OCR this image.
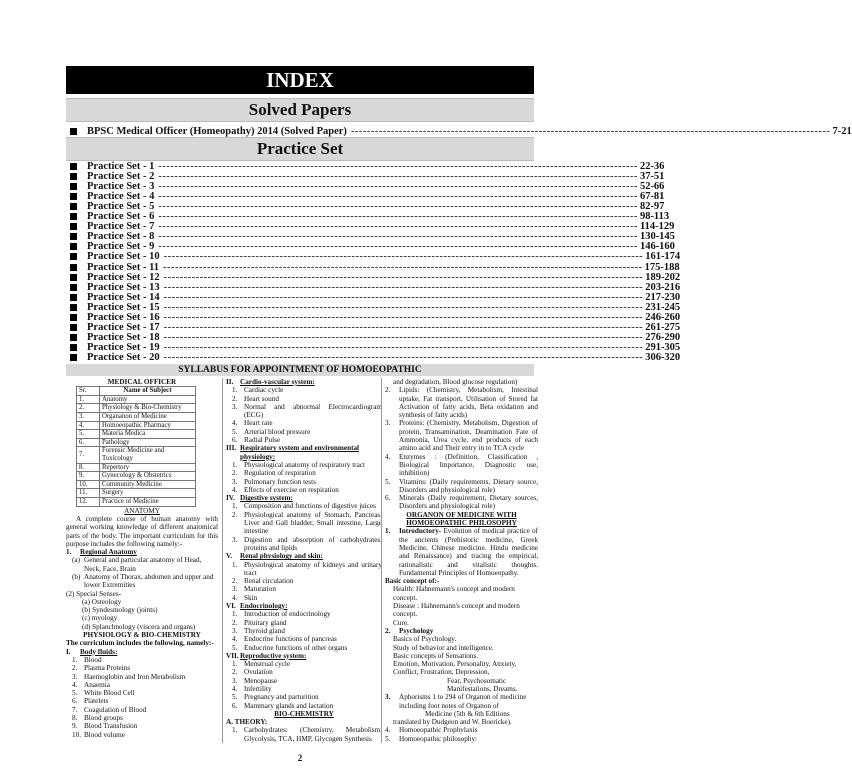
INDEX
Solved Papers
BPSC Medical Officer (Homeopathy) 2014 (Solved Paper) ------------------------------------------------------------------------------------------------------------------------ 7-21
Practice Set
Practice Set - 1 ------------------------------------------------------------------------------------------------------------------------ 22-36
Practice Set - 2 ------------------------------------------------------------------------------------------------------------------------ 37-51
Practice Set - 3 ------------------------------------------------------------------------------------------------------------------------ 52-66
Practice Set - 4 ------------------------------------------------------------------------------------------------------------------------ 67-81
Practice Set - 5 ------------------------------------------------------------------------------------------------------------------------ 82-97
Practice Set - 6 ------------------------------------------------------------------------------------------------------------------------ 98-113
Practice Set - 7 ------------------------------------------------------------------------------------------------------------------------ 114-129
Practice Set - 8 ------------------------------------------------------------------------------------------------------------------------ 130-145
Practice Set - 9 ------------------------------------------------------------------------------------------------------------------------ 146-160
Practice Set - 10 ------------------------------------------------------------------------------------------------------------------------ 161-174
Practice Set - 11 ------------------------------------------------------------------------------------------------------------------------ 175-188
Practice Set - 12 ------------------------------------------------------------------------------------------------------------------------ 189-202
Practice Set - 13 ------------------------------------------------------------------------------------------------------------------------ 203-216
Practice Set - 14 ------------------------------------------------------------------------------------------------------------------------ 217-230
Practice Set - 15 ------------------------------------------------------------------------------------------------------------------------ 231-245
Practice Set - 16 ------------------------------------------------------------------------------------------------------------------------ 246-260
Practice Set - 17 ------------------------------------------------------------------------------------------------------------------------ 261-275
Practice Set - 18 ------------------------------------------------------------------------------------------------------------------------ 276-290
Practice Set - 19 ------------------------------------------------------------------------------------------------------------------------ 291-305
Practice Set - 20 ------------------------------------------------------------------------------------------------------------------------ 306-320
SYLLABUS FOR APPOINTMENT OF HOMOEOPATHIC
MEDICAL OFFICER
Sr.	Name of Subject
1.	Anatomy
2.	Physiology & Bio-Chemistry
3.	Organanon of Medicine
4.	Homoeopathic Pharmacy
5.	Materia Medica
6.	Pathology
7.	Forensic Medicine and Toxicology
8.	Repertory
9.	Gynecology & Obstetrics
10.	Community Medicine
11.	Surgery
12.	Practice of Medicine
ANATOMY
A complete course of human anatomy with general working knowledge of different anatomical parts of the body. The important curriculum for this purpose includes the following namely:-
1.	Regional Anatomy
(a) General and particular anatomy of Head, Neck, Face, Brain
(b) Anatomy of Thorax, abdomen and upper and lower Extremities
(2) Special Senses-
(a) Osteology
(b) Syndesmology (joints)
(c) myology
(d) Splanchnology (viscera and organs)
PHYSIOLOGY & BIO-CHEMISTRY
The curriculum includes the following, namely:-
I.	Body fluids:
1. Blood
2. Plasma Proteins
3. Haemoglobin and Iron Metabolism
4. Anaemia
5. White Blood Cell
6. Platelets
7. Coagulation of Blood
8. Blood groups
9. Blood Transfusion
10. Blood volume
II. Cardio-vascular system:
1. Cardiac cycle
2. Heart sound
3. Normal and abnormal Electrocardiogram (ECG)
4. Heart rate
5. Arterial blood pressure
6. Radial Pulse
III. Respiratory system and environmental physiology:
1. Physiological anatomy of respiratory tract
2. Regulation of respiration
3. Pulmonary function tests
4. Effects of exercise on respiration
IV. Digestive system:
1. Composition and functions of digestive juices
2. Physiological anatomy of Stomach, Pancreas, Liver and Gall bladder, Small intestine, Large intestine
3. Digestion and absorption of carbohydrates, proteins and lipids
V.	Renal physiology and skin:
1. Physiological anatomy of kidneys and urinary tract
2. Renal circulation
3. Maturation
4. Skin
VI. Endocrinology:
1. Introduction of endocrinology
2. Pituitary gland
3. Thyroid gland
4. Endocrine functions of pancreas
5. Endocrine functions of other organs
VII. Reproductive system:
1. Menstrual cycle
2. Ovulation
3. Menopause
4. Infertility
5. Pregnancy and parturition
6. Mammary glands and lactation
BIO-CHEMISTRY
A. THEORY:
1. Carbohydrates: (Chemistry, Metabolism, Glycolysis, TCA, HMP, Glycogen Synthesis
and degradation, Blood glucose regulation)
2.	Lipids: (Chemistry, Metabolism, Intestinal uptake, Fat transport, Utilisation of Stored fat Activation of fatty acids, Beta oxidation and synthesis of fatty acids)
3.	Proteins: (Chemistry, Metabolism, Digestion of protein, Transamination, Deamination Fate of Ammonia, Urea cycle, end products of each amino acid and Their entry in to TCA cycle
4.	Enzymes : (Definition, Classification , Biological Importance, Diagnostic use, inhibition)
5.	Vitamins: (Daily requirements, Dietary source, Disorders and physiological role)
6.	Minerals (Daily requirement, Dietary sources, Disorders and physiological role)
ORGANON OF MEDICINE WITH HOMOEOPATHIC PHILOSOPHY
1.	Introductory- Evolution of medical practice of the ancients (Prehistoric medicine, Greek Medicine, Chinese medicine. Hindu medicine and Renaissance) and tracing the empirical, rationalistic and vitalistic thoughts. Fundamental Principles of Homoeopathy.
Basic concept of:-
Health: Hahnemann's concept and modern concept.
Disease : Hahnemann's concept and modern concept.
Cure.
2.	Psychology
Basics of Psychology.
Study of behavior and intelligence.
Basic concepts of Sensations.
Emotion, Motivation, Personality, Anxiety, Conflict, Frustration, Depression,
Fear, Psychosomatic
Manifestations, Dreams.
3.	Aphorisms 1 to 294 of Organon of medicine including foot notes of Organon of
Medicine (5th & 6th Editions
translated by Dudgeon and W. Boericke).
4.	Homoeopathic Prophylaxis
5.	Homoeopathic philosophy:
2
